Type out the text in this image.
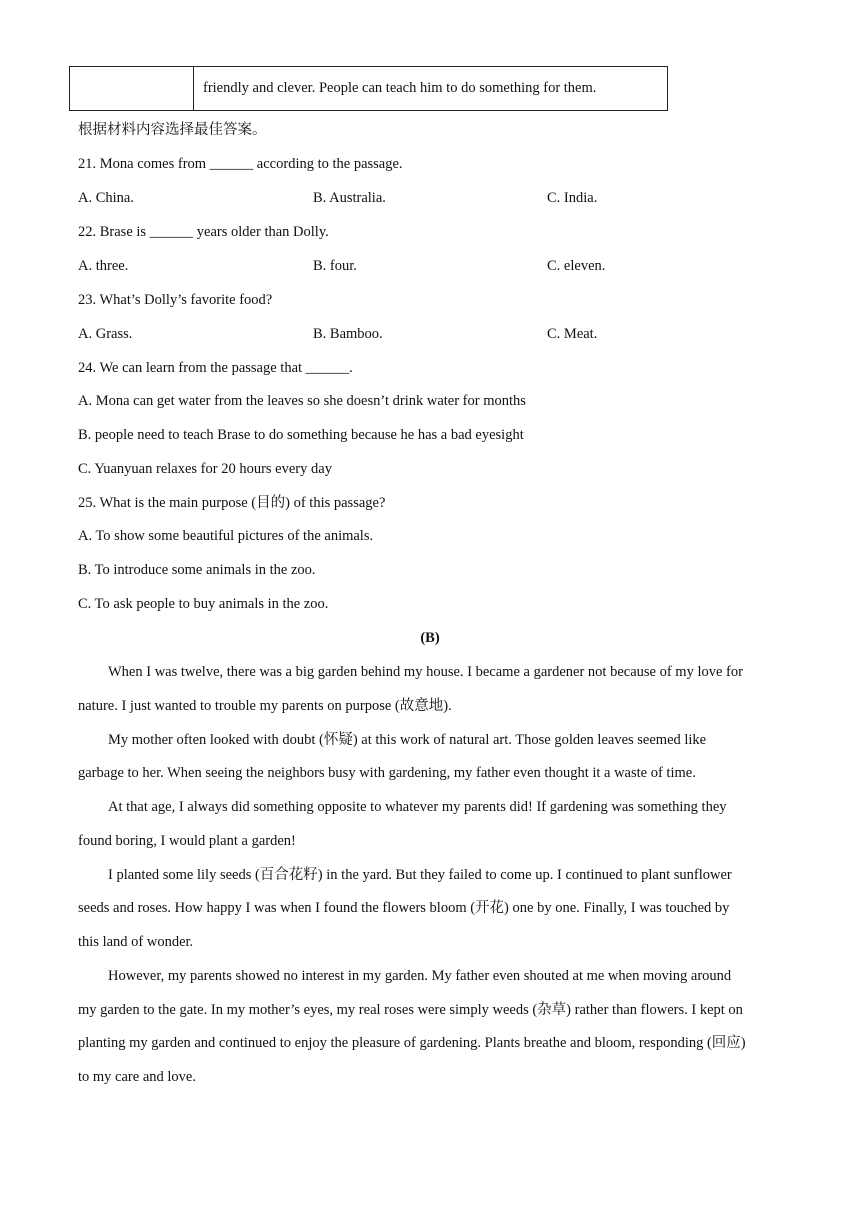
friendly and clever. People can teach him to do something for them.
根据材料内容选择最佳答案。
21. Mona comes from ______ according to the passage.
A. China.	B. Australia.	C. India.
22. Brase is ______ years older than Dolly.
A. three.	B. four.	C. eleven.
23. What’s Dolly’s favorite food?
A. Grass.	B. Bamboo.	C. Meat.
24. We can learn from the passage that ______.
A. Mona can get water from the leaves so she doesn’t drink water for months
B. people need to teach Brase to do something because he has a bad eyesight
C. Yuanyuan relaxes for 20 hours every day
25. What is the main purpose (目的) of this passage?
A. To show some beautiful pictures of the animals.
B. To introduce some animals in the zoo.
C. To ask people to buy animals in the zoo.
(B)
When I was twelve, there was a big garden behind my house. I became a gardener not because of my love for
nature. I just wanted to trouble my parents on purpose (故意地).
My mother often looked with doubt (怀疑) at this work of natural art. Those golden leaves seemed like
garbage to her. When seeing the neighbors busy with gardening, my father even thought it a waste of time.
At that age, I always did something opposite to whatever my parents did! If gardening was something they
found boring, I would plant a garden!
I planted some lily seeds (百合花籽) in the yard. But they failed to come up. I continued to plant sunflower
seeds and roses. How happy I was when I found the flowers bloom (开花) one by one. Finally, I was touched by
this land of wonder.
However, my parents showed no interest in my garden. My father even shouted at me when moving around
my garden to the gate. In my mother’s eyes, my real roses were simply weeds (杂草) rather than flowers. I kept on
planting my garden and continued to enjoy the pleasure of gardening. Plants breathe and bloom, responding (回应)
to my care and love.
